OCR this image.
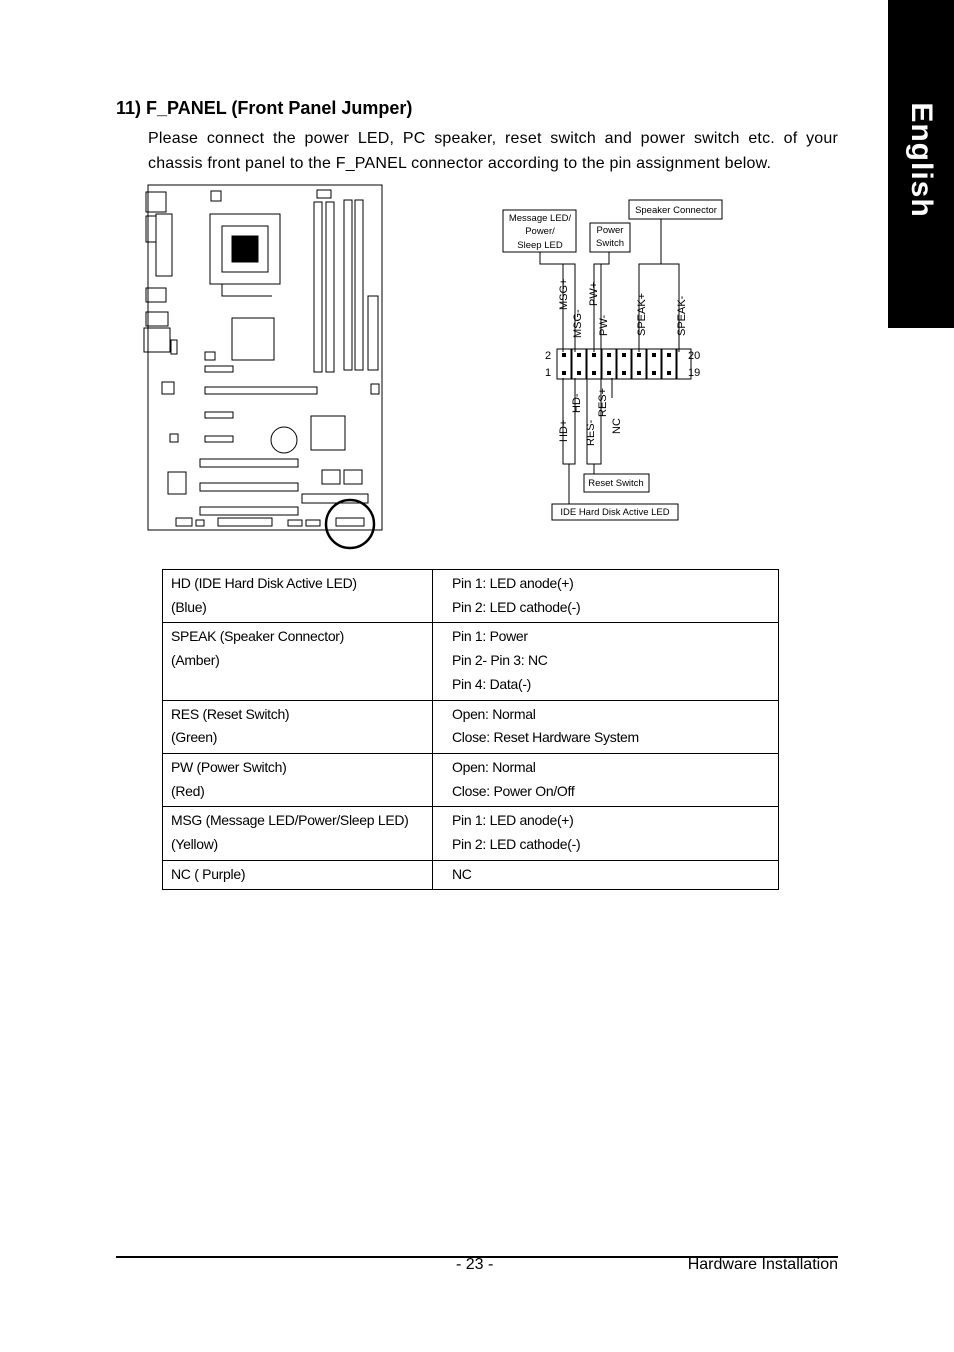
English
11) F_PANEL (Front Panel Jumper)
Please connect the power LED, PC speaker, reset switch and power switch etc. of your chassis front panel to the F_PANEL connector according to the pin assignment below.
Message LED/
Power/
Sleep LED
Power
Switch
Speaker Connector
Reset Switch
IDE Hard Disk Active LED
MSG+
MSG-
PW+
PW- SPEAK+	SPEAK-
HD+
HD-
RES-
RES+
NC
2
1
20
19
HD (IDE Hard Disk Active LED)
(Blue)	Pin 1: LED anode(+)
Pin 2: LED cathode(-)

SPEAK (Speaker Connector)
(Amber)	Pin 1: Power
Pin 2- Pin 3: NC
Pin 4: Data(-)

RES (Reset Switch)
(Green)	Open: Normal
Close: Reset Hardware System

PW (Power Switch)
(Red)	Open: Normal
Close: Power On/Off

MSG (Message LED/Power/Sleep LED)
(Yellow)	Pin 1: LED anode(+)
Pin 2: LED cathode(-)

NC ( Purple)	NC
- 23 -	Hardware Installation
